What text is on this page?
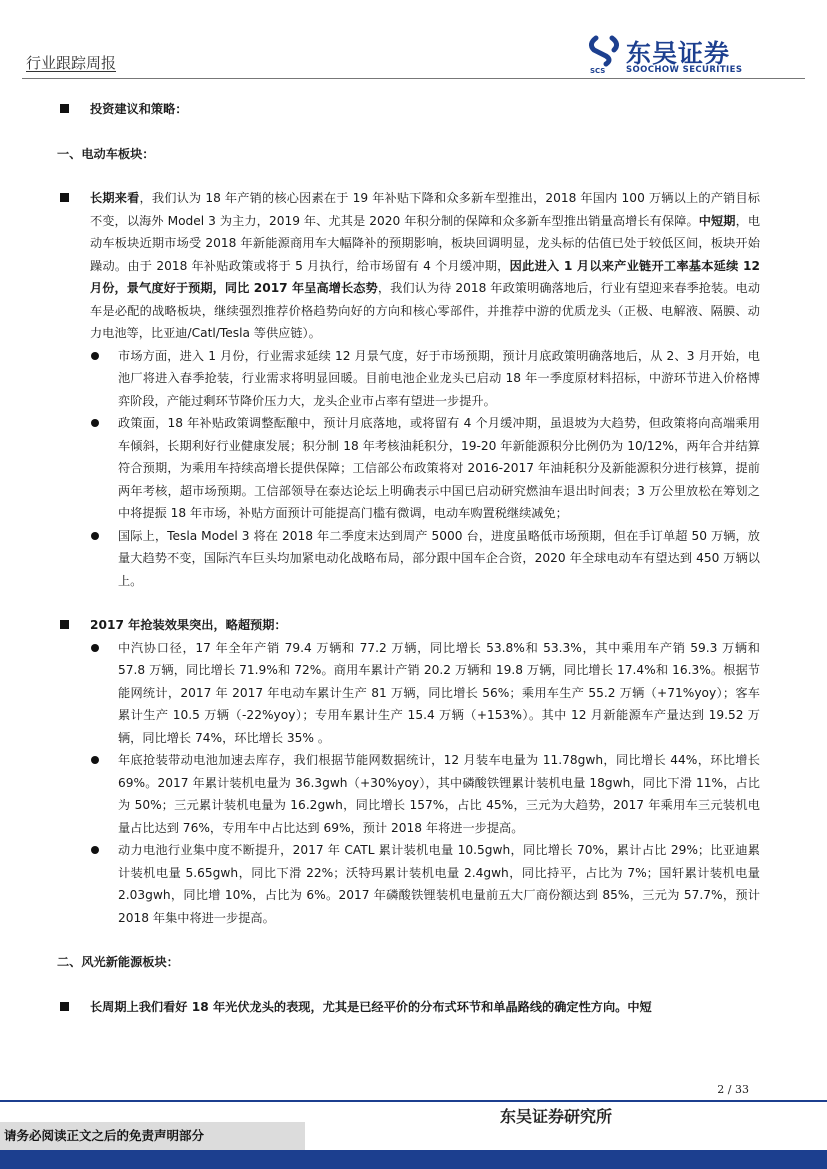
行业跟踪周报	SCS
东吴证券
SOOCHOW SECURITIES
投资建议和策略：
一、电动车板块：
长期来看，我们认为 18 年产销的核心因素在于 19 年补贴下降和众多新车型推出，2018 年国内 100 万辆以上的产销目标不变，以海外 Model 3 为主力，2019 年、尤其是 2020 年积分制的保障和众多新车型推出销量高增长有保障。中短期，电动车板块近期市场受 2018 年新能源商用车大幅降补的预期影响，板块回调明显，龙头标的估值已处于较低区间，板块开始躁动。由于 2018 年补贴政策或将于 5 月执行，给市场留有 4 个月缓冲期，因此进入 1 月以来产业链开工率基本延续 12 月份，景气度好于预期，同比 2017 年呈高增长态势，我们认为待 2018 年政策明确落地后，行业有望迎来春季抢装。电动车是必配的战略板块，继续强烈推荐价格趋势向好的方向和核心零部件，并推荐中游的优质龙头（正极、电解液、隔膜、动力电池等，比亚迪/Catl/Tesla 等供应链）。
市场方面，进入 1 月份，行业需求延续 12 月景气度，好于市场预期，预计月底政策明确落地后，从 2、3 月开始，电池厂将进入春季抢装，行业需求将明显回暖。目前电池企业龙头已启动 18 年一季度原材料招标，中游环节进入价格博弈阶段，产能过剩环节降价压力大，龙头企业市占率有望进一步提升。
政策面，18 年补贴政策调整酝酿中，预计月底落地，或将留有 4 个月缓冲期，虽退坡为大趋势，但政策将向高端乘用车倾斜，长期利好行业健康发展；积分制 18 年考核油耗积分，19-20 年新能源积分比例仍为 10/12%，两年合并结算符合预期，为乘用车持续高增长提供保障；工信部公布政策将对 2016-2017 年油耗积分及新能源积分进行核算，提前两年考核，超市场预期。工信部领导在泰达论坛上明确表示中国已启动研究燃油车退出时间表；3 万公里放松在筹划之中将提振 18 年市场，补贴方面预计可能提高门槛有微调，电动车购置税继续减免；
国际上，Tesla Model 3 将在 2018 年二季度末达到周产 5000 台，进度虽略低市场预期，但在手订单超 50 万辆，放量大趋势不变，国际汽车巨头均加紧电动化战略布局，部分跟中国车企合资，2020 年全球电动车有望达到 450 万辆以上。
2017 年抢装效果突出，略超预期：
中汽协口径，17 年全年产销 79.4 万辆和 77.2 万辆，同比增长 53.8%和 53.3%，其中乘用车产销 59.3 万辆和 57.8 万辆，同比增长 71.9%和 72%。商用车累计产销 20.2 万辆和 19.8 万辆，同比增长 17.4%和 16.3%。根据节能网统计，2017 年 2017 年电动车累计生产 81 万辆，同比增长 56%；乘用车生产 55.2 万辆（+71%yoy）；客车累计生产 10.5 万辆（-22%yoy）；专用车累计生产 15.4 万辆（+153%）。其中 12 月新能源车产量达到 19.52 万辆，同比增长 74%，环比增长 35% 。
年底抢装带动电池加速去库存，我们根据节能网数据统计，12 月装车电量为 11.78gwh，同比增长 44%，环比增长 69%。2017 年累计装机电量为 36.3gwh（+30%yoy），其中磷酸铁锂累计装机电量 18gwh，同比下滑 11%，占比为 50%；三元累计装机电量为 16.2gwh，同比增长 157%，占比 45%，三元为大趋势，2017 年乘用车三元装机电量占比达到 76%，专用车中占比达到 69%，预计 2018 年将进一步提高。
动力电池行业集中度不断提升，2017 年 CATL 累计装机电量 10.5gwh，同比增长 70%，累计占比 29%；比亚迪累计装机电量 5.65gwh，同比下滑 22%；沃特玛累计装机电量 2.4gwh，同比持平，占比为 7%；国轩累计装机电量 2.03gwh，同比增 10%，占比为 6%。2017 年磷酸铁锂装机电量前五大厂商份额达到 85%，三元为 57.7%，预计 2018 年集中将进一步提高。
二、风光新能源板块：
长周期上我们看好 18 年光伏龙头的表现，尤其是已经平价的分布式环节和单晶路线的确定性方向。中短
2 / 33
东吴证券研究所
请务必阅读正文之后的免责声明部分
